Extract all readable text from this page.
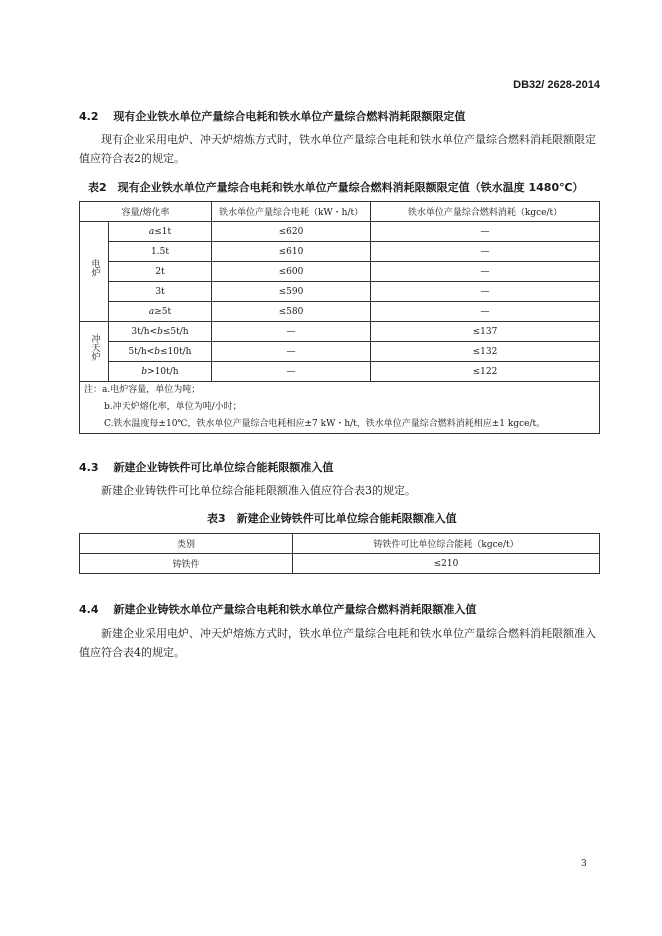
DB32/ 2628-2014
4.2　 现有企业铁水单位产量综合电耗和铁水单位产量综合燃料消耗限额限定值
现有企业采用电炉、冲天炉熔炼方式时，铁水单位产量综合电耗和铁水单位产量综合燃料消耗限额限定值应符合表2的规定。
表2　现有企业铁水单位产量综合电耗和铁水单位产量综合燃料消耗限额限定值（铁水温度 1480℃）
容量/熔化率		铁水单位产量综合电耗（kW・h/t）	铁水单位产量综合燃料消耗（kgce/t）
电炉	a≤1t	≤620	—
	1.5t	≤610	—
	2t	≤600	—
	3t	≤590	—
	a≥5t	≤580	—
冲天炉	3t/h<b≤5t/h	—	≤137
	5t/h<b≤10t/h	—	≤132
	b>10t/h	—	≤122

注：a.电炉容量，单位为吨；
b.冲天炉熔化率，单位为吨/小时；
C.铁水温度每±10℃，铁水单位产量综合电耗相应±7 kW・h/t，铁水单位产量综合燃料消耗相应±1 kgce/t。			
4.3　 新建企业铸铁件可比单位综合能耗限额准入值
新建企业铸铁件可比单位综合能耗限额准入值应符合表3的规定。
表3　新建企业铸铁件可比单位综合能耗限额准入值
类别	铸铁件可比单位综合能耗（kgce/t）
铸铁件	≤210
4.4　 新建企业铸铁水单位产量综合电耗和铁水单位产量综合燃料消耗限额准入值
新建企业采用电炉、冲天炉熔炼方式时，铁水单位产量综合电耗和铁水单位产量综合燃料消耗限额准入值应符合表4的规定。
3
